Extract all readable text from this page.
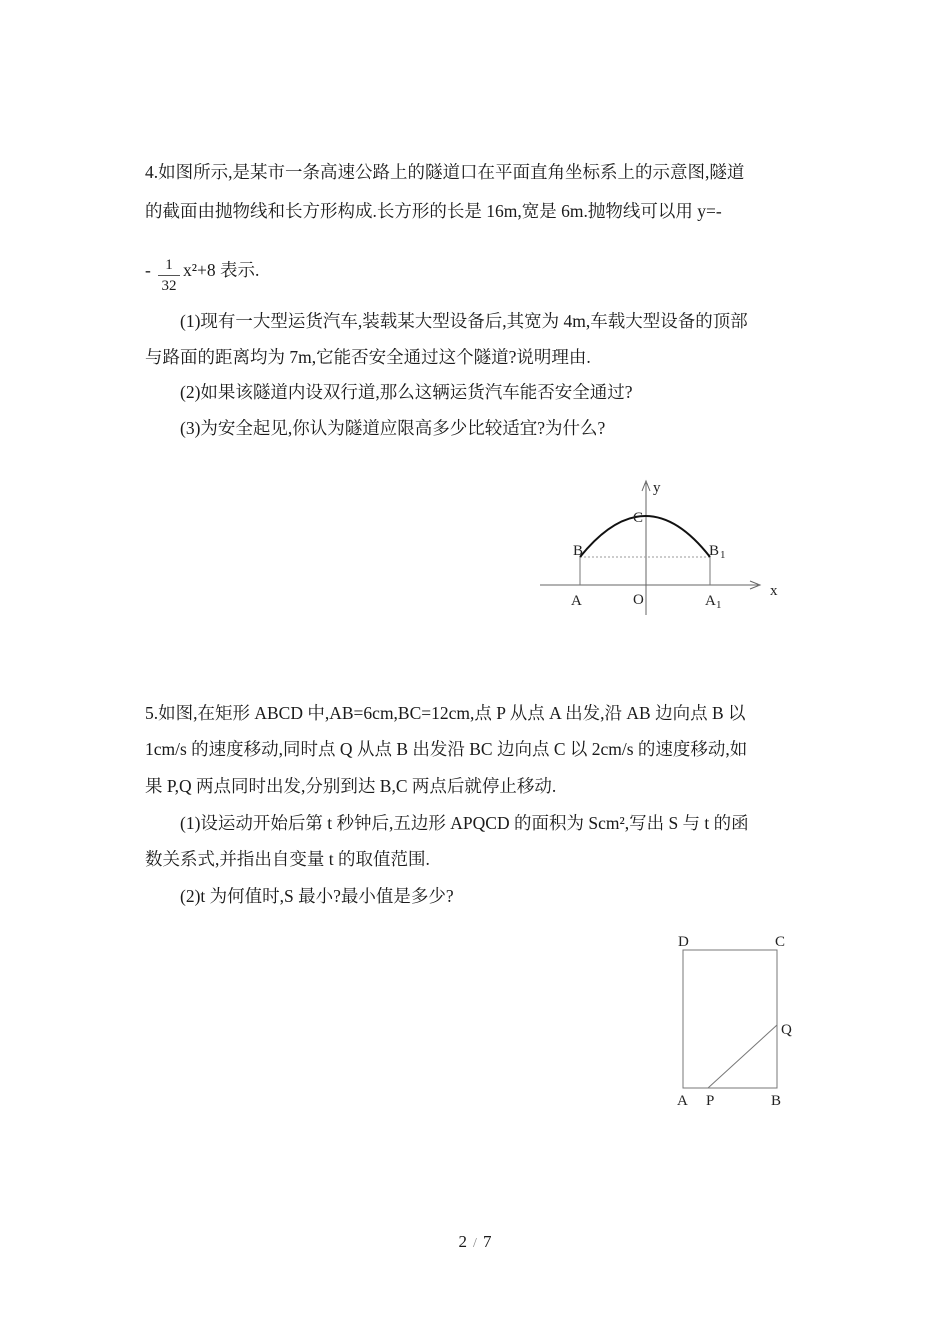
4.如图所示,是某市一条高速公路上的隧道口在平面直角坐标系上的示意图,隧道
的截面由抛物线和长方形构成.长方形的长是 16m,宽是 6m.抛物线可以用 y=-
- 1
32
x²+8 表示.
(1)现有一大型运货汽车,装载某大型设备后,其宽为 4m,车载大型设备的顶部
与路面的距离均为 7m,它能否安全通过这个隧道?说明理由.
(2)如果该隧道内设双行道,那么这辆运货汽车能否安全通过?
(3)为安全起见,你认为隧道应限高多少比较适宜?为什么?
y
x
C
B	B 1
A	O	A 1
5.如图,在矩形 ABCD 中,AB=6cm,BC=12cm,点 P 从点 A 出发,沿 AB 边向点 B 以
1cm/s 的速度移动,同时点 Q 从点 B 出发沿 BC 边向点 C 以 2cm/s 的速度移动,如
果 P,Q 两点同时出发,分别到达 B,C 两点后就停止移动.
(1)设运动开始后第 t 秒钟后,五边形 APQCD 的面积为 Scm²,写出 S 与 t 的函
数关系式,并指出自变量 t 的取值范围.
(2)t 为何值时,S 最小?最小值是多少?
D	C
Q
A P	B
2 / 7
